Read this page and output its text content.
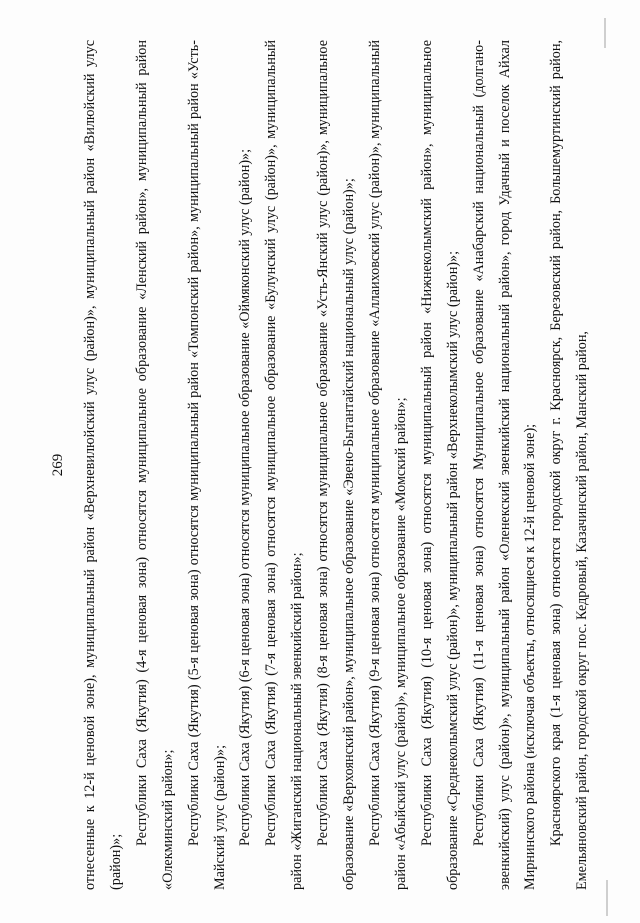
269 отнесенные к 12-й ценовой зоне), муниципальный район «Верхневилюйский улус (район)», муниципальный район «Вилюйский улус (район)»;

Республики Саха (Якутия) (4-я ценовая зона) относятся муниципальное образование «Ленский район», муниципальный район «Олекминский район»; Республики Саха (Якутия) (5-я ценовая зона) относятся муниципальный район «Томпонский район», муниципальный район «Усть-Майский улус (район)»; Республики Саха (Якутия) (6-я ценовая зона) относятся муниципальное образование «Оймяконский улус (район)»; Республики Саха (Якутия) (7-я ценовая зона) относятся муниципальное образование «Булунский улус (район)», муниципальный район «Жиганский национальный эвенкийский район»; Республики Саха (Якутия) (8-я ценовая зона) относятся муниципальное образование «Усть-Янский улус (район)», муниципальное образование «Верхоянский район», муниципальное образование «Эвено-Бытантайский национальный улус (район)»; Республики Саха (Якутия) (9-я ценовая зона) относятся муниципальное образование «Аллаиховский улус (район)», муниципальный район «Абыйский улус (район)», муниципальное образование «Момский район»; Республики Саха (Якутия) (10-я ценовая зона) относятся муниципальный район «Нижнеколымский район», муниципальное образование «Среднеколымский улус (район)», муниципальный район «Верхнеколымский улус (район)»; Республики Саха (Якутия) (11-я ценовая зона) относятся Муниципальное образование «Анабарский национальный (долгано-эвенкийский) улус (район)», муниципальный район «Оленекский эвенкийский национальный район», город Удачный и поселок Айхал Мирнинского района (исключая объекты, относящиеся к 12-й ценовой зоне); Красноярского края (1-я ценовая зона) относятся городской округ г. Красноярск, Березовский район, Большемуртинский район, Емельяновский район, городской округ пос. Кедровый, Казачинский район, Манский район,
